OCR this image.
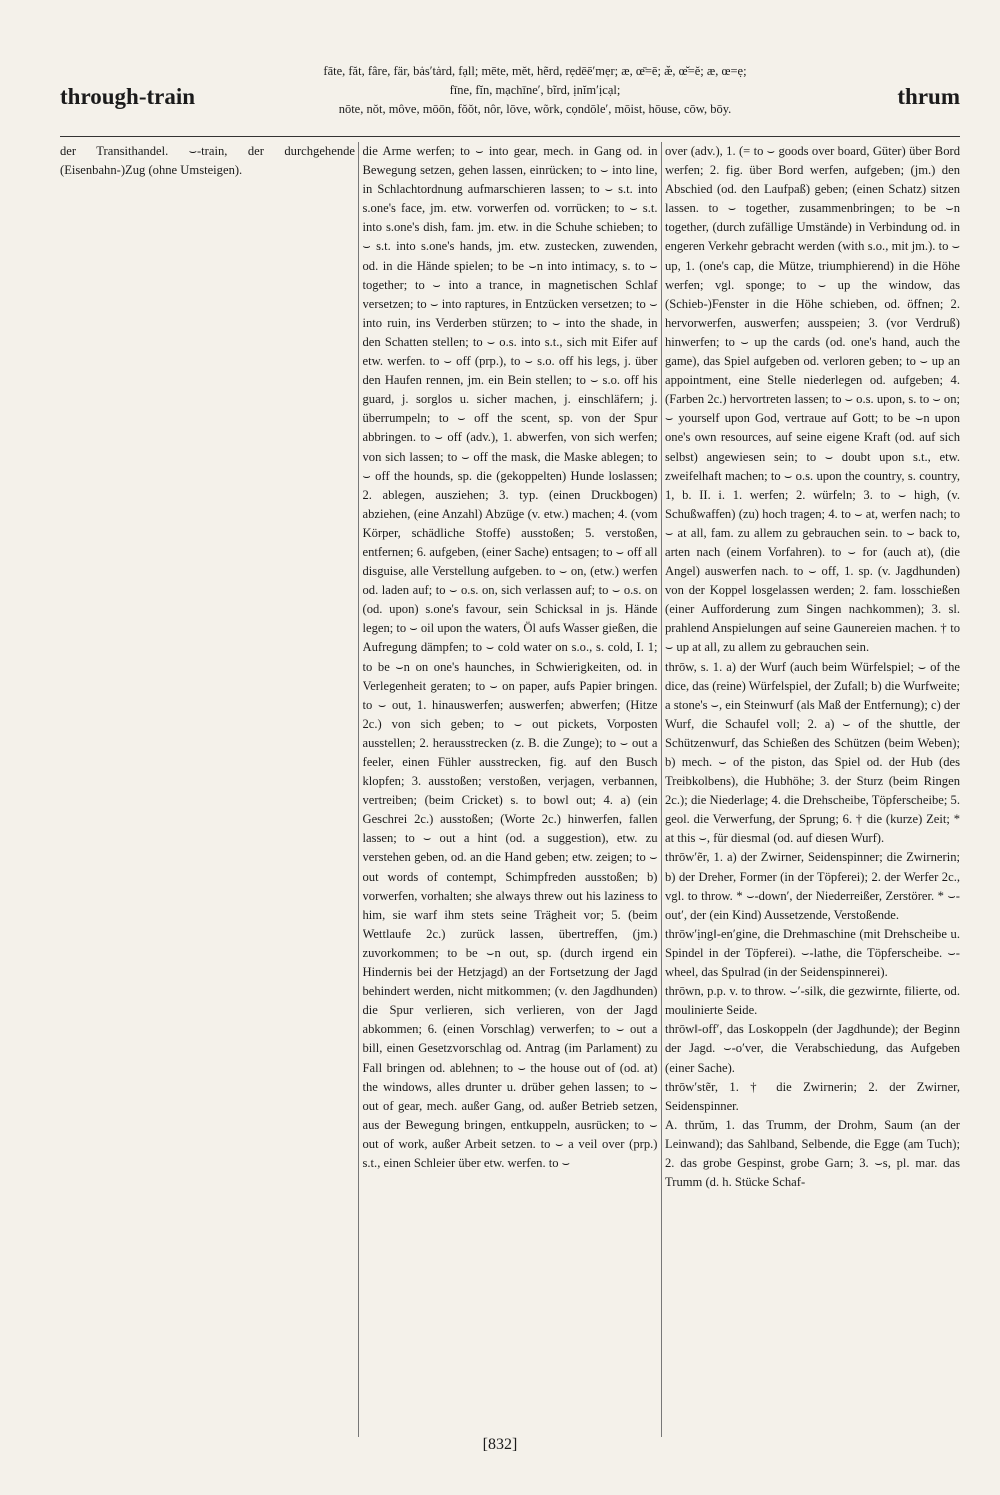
through-train
fāte, făt, fâre, fär, bȧs′tȧrd, fạll; mēte, mĕt, hẽrd, rẹdēē′mẹr; æ, œ̄=ē; æ̆, œ̆=ĕ; æ, œ=ẹ;
fīne, fĭn, mạchīne′, bĩrd, ịnĭm′ịcạl;
nōte, nŏt, môve, mōōn, fŏŏt, nôr, lōve, wõrk, cọndōle′, mōist, hōuse, cōw, bōy.	thrum

der Transithandel. ⌣-train, der durchgehende (Eisenbahn-)Zug (ohne Umsteigen).

die Arme werfen; to ⌣ into gear, mech. in Gang od. in Bewegung setzen, gehen lassen, einrücken; to ⌣ into line, in Schlachtordnung aufmarschieren lassen; to ⌣ s.t. into s.one's face, jm. etw. vorwerfen od. vorrücken; to ⌣ s.t. into s.one's dish, fam. jm. etw. in die Schuhe schieben; to ⌣ s.t. into s.one's hands, jm. etw. zustecken, zuwenden, od. in die Hände spielen; to be ⌣n into intimacy, s. to ⌣ together; to ⌣ into a trance, in magnetischen Schlaf versetzen; to ⌣ into raptures, in Entzücken versetzen; to ⌣ into ruin, ins Verderben stürzen; to ⌣ into the shade, in den Schatten stellen; to ⌣ o.s. into s.t., sich mit Eifer auf etw. werfen. to ⌣ off (prp.), to ⌣ s.o. off his legs, j. über den Haufen rennen, jm. ein Bein stellen; to ⌣ s.o. off his guard, j. sorglos u. sicher machen, j. einschläfern; j. überrumpeln; to ⌣ off the scent, sp. von der Spur abbringen. to ⌣ off (adv.), 1. abwerfen, von sich werfen; von sich lassen; to ⌣ off the mask, die Maske ablegen; to ⌣ off the hounds, sp. die (gekoppelten) Hunde loslassen; 2. ablegen, ausziehen; 3. typ. (einen Druckbogen) abziehen, (eine Anzahl) Abzüge (v. etw.) machen; 4. (vom Körper, schädliche Stoffe) ausstoßen; 5. verstoßen, entfernen; 6. aufgeben, (einer Sache) entsagen; to ⌣ off all disguise, alle Verstellung aufgeben. to ⌣ on, (etw.) werfen od. laden auf; to ⌣ o.s. on, sich verlassen auf; to ⌣ o.s. on (od. upon) s.one's favour, sein Schicksal in js. Hände legen; to ⌣ oil upon the waters, Öl aufs Wasser gießen, die Aufregung dämpfen; to ⌣ cold water on s.o., s. cold, I. 1; to be ⌣n on one's haunches, in Schwierigkeiten, od. in Verlegenheit geraten; to ⌣ on paper, aufs Papier bringen. to ⌣ out, 1. hinauswerfen; auswerfen; abwerfen; (Hitze 2c.) von sich geben; to ⌣ out pickets, Vorposten ausstellen; 2. herausstrecken (z. B. die Zunge); to ⌣ out a feeler, einen Fühler ausstrecken, fig. auf den Busch klopfen; 3. ausstoßen; verstoßen, verjagen, verbannen, vertreiben; (beim Cricket) s. to bowl out; 4. a) (ein Geschrei 2c.) ausstoßen; (Worte 2c.) hinwerfen, fallen lassen; to ⌣ out a hint (od. a suggestion), etw. zu verstehen geben, od. an die Hand geben; etw. zeigen; to ⌣ out words of contempt, Schimpfreden ausstoßen; b) vorwerfen, vorhalten; she always threw out his laziness to him, sie warf ihm stets seine Trägheit vor; 5. (beim Wettlaufe 2c.) zurück lassen, übertreffen, (jm.) zuvorkommen; to be ⌣n out, sp. (durch irgend ein Hindernis bei der Hetzjagd) an der Fortsetzung der Jagd behindert werden, nicht mitkommen; (v. den Jagdhunden) die Spur verlieren, sich verlieren, von der Jagd abkommen; 6. (einen Vorschlag) verwerfen; to ⌣ out a bill, einen Gesetzvorschlag od. Antrag (im Parlament) zu Fall bringen od. ablehnen; to ⌣ the house out of (od. at) the windows, alles drunter u. drüber gehen lassen; to ⌣ out of gear, mech. außer Gang, od. außer Betrieb setzen, aus der Bewegung bringen, entkuppeln, ausrücken; to ⌣ out of work, außer Arbeit setzen. to ⌣ a veil over (prp.) s.t., einen Schleier über etw. werfen. to ⌣

over (adv.), 1. (= to ⌣ goods over board, Güter) über Bord werfen; 2. fig. über Bord werfen, aufgeben; (jm.) den Abschied (od. den Laufpaß) geben; (einen Schatz) sitzen lassen. to ⌣ together, zusammenbringen; to be ⌣n together, (durch zufällige Umstände) in Verbindung od. in engeren Verkehr gebracht werden (with s.o., mit jm.). to ⌣ up, 1. (one's cap, die Mütze, triumphierend) in die Höhe werfen; vgl. sponge; to ⌣ up the window, das (Schieb-)Fenster in die Höhe schieben, od. öffnen; 2. hervorwerfen, auswerfen; ausspeien; 3. (vor Verdruß) hinwerfen; to ⌣ up the cards (od. one's hand, auch the game), das Spiel aufgeben od. verloren geben; to ⌣ up an appointment, eine Stelle niederlegen od. aufgeben; 4. (Farben 2c.) hervortreten lassen; to ⌣ o.s. upon, s. to ⌣ on; ⌣ yourself upon God, vertraue auf Gott; to be ⌣n upon one's own resources, auf seine eigene Kraft (od. auf sich selbst) angewiesen sein; to ⌣ doubt upon s.t., etw. zweifelhaft machen; to ⌣ o.s. upon the country, s. country, 1, b. II. i. 1. werfen; 2. würfeln; 3. to ⌣ high, (v. Schußwaffen) (zu) hoch tragen; 4. to ⌣ at, werfen nach; to ⌣ at all, fam. zu allem zu gebrauchen sein. to ⌣ back to, arten nach (einem Vorfahren). to ⌣ for (auch at), (die Angel) auswerfen nach. to ⌣ off, 1. sp. (v. Jagdhunden) von der Koppel losgelassen werden; 2. fam. losschießen (einer Aufforderung zum Singen nachkommen); 3. sl. prahlend Anspielungen auf seine Gaunereien machen. † to ⌣ up at all, zu allem zu gebrauchen sein.

thrōw, s. 1. a) der Wurf (auch beim Würfelspiel; ⌣ of the dice, das (reine) Würfelspiel, der Zufall; b) die Wurfweite; a stone's ⌣, ein Steinwurf (als Maß der Entfernung); c) der Wurf, die Schaufel voll; 2. a) ⌣ of the shuttle, der Schützenwurf, das Schießen des Schützen (beim Weben); b) mech. ⌣ of the piston, das Spiel od. der Hub (des Treibkolbens), die Hubhöhe; 3. der Sturz (beim Ringen 2c.); die Niederlage; 4. die Drehscheibe, Töpferscheibe; 5. geol. die Verwerfung, der Sprung; 6. † die (kurze) Zeit; * at this ⌣, für diesmal (od. auf diesen Wurf).

thrōw′ẽr, 1. a) der Zwirner, Seidenspinner; die Zwirnerin; b) der Dreher, Former (in der Töpferei); 2. der Werfer 2c., vgl. to throw. * ⌣-down′, der Niederreißer, Zerstörer. * ⌣-out′, der (ein Kind) Aussetzende, Verstoßende.

thrōw′ịng‖-en′gine, die Drehmaschine (mit Drehscheibe u. Spindel in der Töpferei). ⌣-lathe, die Töpferscheibe. ⌣-wheel, das Spulrad (in der Seidenspinnerei).

thrōwn, p.p. v. to throw. ⌣′-silk, die gezwirnte, filierte, od. moulinierte Seide.

thrōw‖-off′, das Loskoppeln (der Jagdhunde); der Beginn der Jagd. ⌣-o′ver, die Verabschiedung, das Aufgeben (einer Sache).

thrōw′stẽr, 1. † die Zwirnerin; 2. der Zwirner, Seidenspinner.

A. thrŭm, 1. das Trumm, der Drohm, Saum (an der Leinwand); das Sahlband, Selbende, die Egge (am Tuch); 2. das grobe Gespinst, grobe Garn; 3. ⌣s, pl. mar. das Trumm (d. h. Stücke Schaf-

[832]
